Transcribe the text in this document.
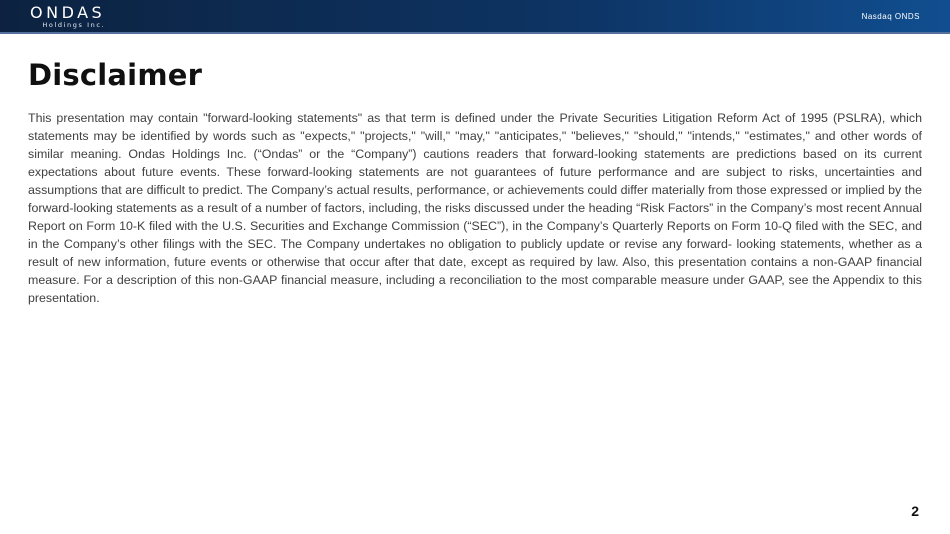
ONDAS
Holdings Inc.
Nasdaq ONDS
Disclaimer

This presentation may contain "forward-looking statements" as that term is defined under the Private Securities Litigation Reform Act of 1995 (PSLRA), which statements may be identified by words such as "expects," "projects," "will," "may," "anticipates," "believes," "should," "intends," "estimates," and other words of similar meaning. Ondas Holdings Inc. (“Ondas” or the “Company”) cautions readers that forward-looking statements are predictions based on its current expectations about future events. These forward-looking statements are not guarantees of future performance and are subject to risks, uncertainties and assumptions that are difficult to predict. The Company’s actual results, performance, or achievements could differ materially from those expressed or implied by the forward-looking statements as a result of a number of factors, including, the risks discussed under the heading “Risk Factors” in the Company’s most recent Annual Report on Form 10-K filed with the U.S. Securities and Exchange Commission (“SEC”), in the Company’s Quarterly Reports on Form 10-Q filed with the SEC, and in the Company’s other filings with the SEC. The Company undertakes no obligation to publicly update or revise any forward- looking statements, whether as a result of new information, future events or otherwise that occur after that date, except as required by law. Also, this presentation contains a non-GAAP financial measure. For a description of this non-GAAP financial measure, including a reconciliation to the most comparable measure under GAAP, see the Appendix to this presentation.

2
